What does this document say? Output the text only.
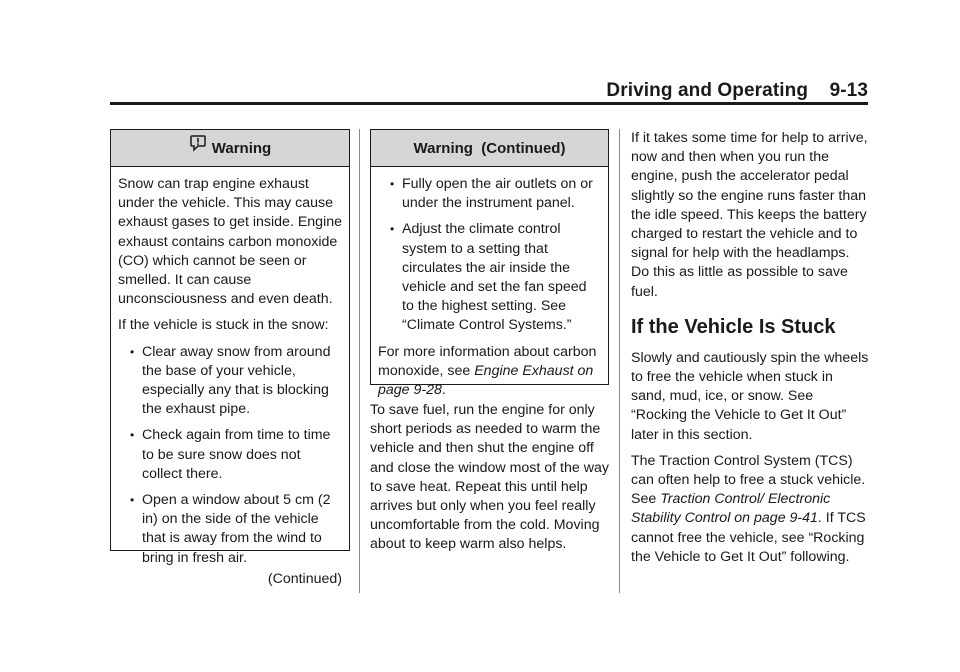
Driving and Operating 9-13
Warning

Snow can trap engine exhaust under the vehicle. This may cause exhaust gases to get inside. Engine exhaust contains carbon monoxide (CO) which cannot be seen or smelled. It can cause unconsciousness and even death.

If the vehicle is stuck in the snow:

• Clear away snow from around the base of your vehicle, especially any that is blocking the exhaust pipe.
• Check again from time to time to be sure snow does not collect there.
• Open a window about 5 cm (2 in) on the side of the vehicle that is away from the wind to bring in fresh air.

(Continued)

Warning  (Continued)
• Fully open the air outlets on or under the instrument panel.
• Adjust the climate control system to a setting that circulates the air inside the vehicle and set the fan speed to the highest setting. See “Climate Control Systems.”

For more information about carbon monoxide, see Engine Exhaust on page 9-28.

To save fuel, run the engine for only short periods as needed to warm the vehicle and then shut the engine off and close the window most of the way to save heat. Repeat this until help arrives but only when you feel really uncomfortable from the cold. Moving about to keep warm also helps.

If it takes some time for help to arrive, now and then when you run the engine, push the accelerator pedal slightly so the engine runs faster than the idle speed. This keeps the battery charged to restart the vehicle and to signal for help with the headlamps. Do this as little as possible to save fuel.

If the Vehicle Is Stuck

Slowly and cautiously spin the wheels to free the vehicle when stuck in sand, mud, ice, or snow. See “Rocking the Vehicle to Get It Out” later in this section.

The Traction Control System (TCS) can often help to free a stuck vehicle. See Traction Control/ Electronic Stability Control on page 9-41. If TCS cannot free the vehicle, see “Rocking the Vehicle to Get It Out” following.
